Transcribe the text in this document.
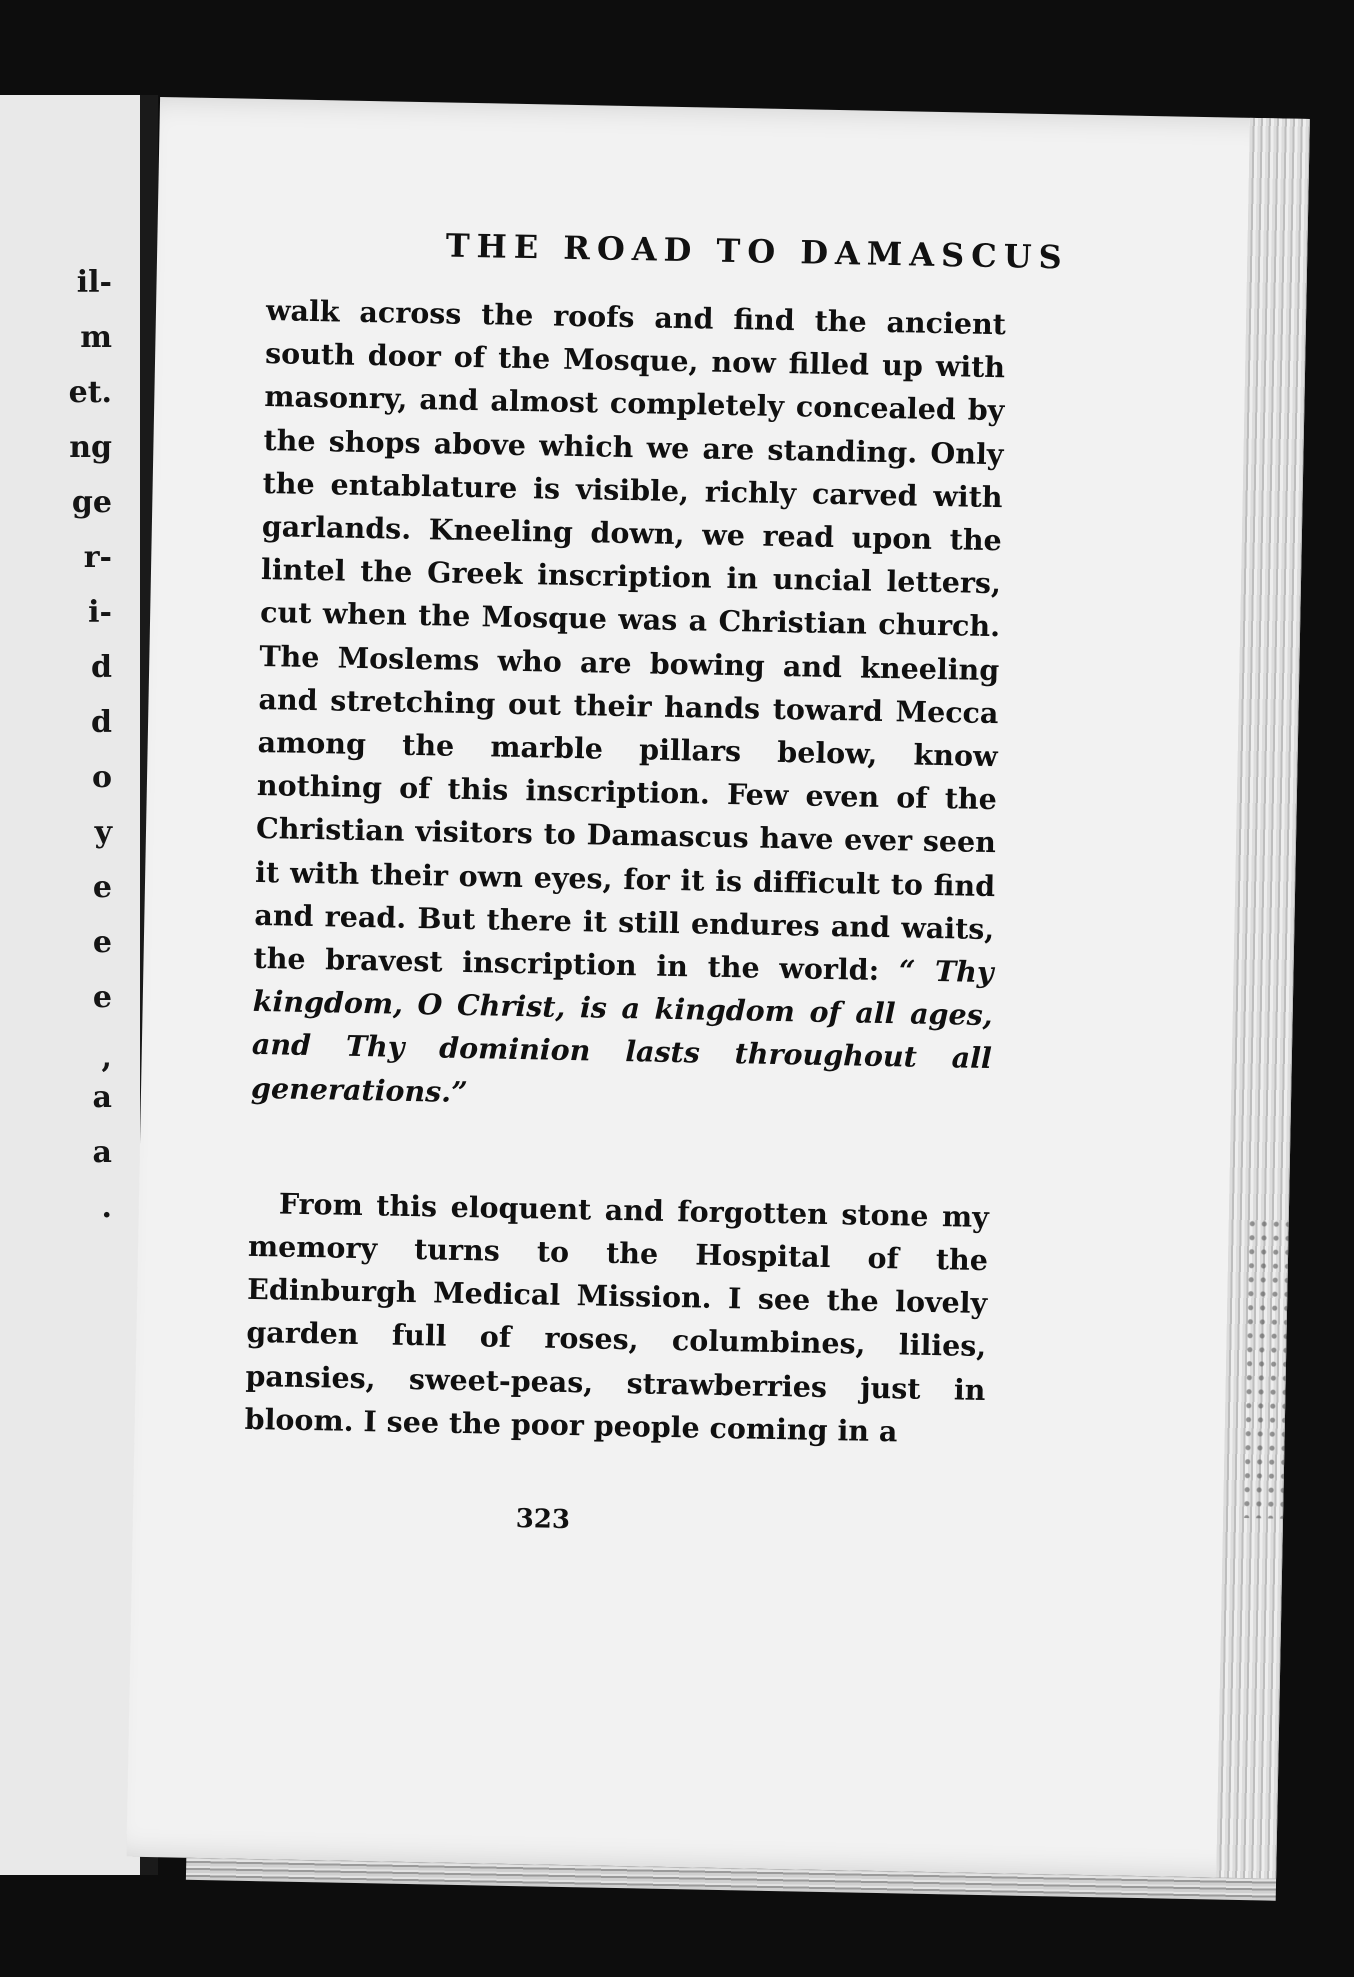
il-
m
et.
ng
ge
r-
i-
d
d
o
y
e
e
e
,
a
a
.
THE ROAD TO DAMASCUS

walk across the roofs and find the ancient south door of the Mosque, now filled up with masonry, and almost completely concealed by the shops above which we are standing. Only the entablature is visible, richly carved with garlands. Kneeling down, we read upon the lintel the Greek inscription in uncial letters, cut when the Mosque was a Christian church. The Moslems who are bowing and kneeling and stretching out their hands toward Mecca among the marble pillars below, know nothing of this inscription. Few even of the Christian visitors to Damascus have ever seen it with their own eyes, for it is difficult to find and read. But there it still endures and waits, the bravest inscription in the world: “ Thy kingdom, O Christ, is a kingdom of all ages, and Thy dominion lasts throughout all generations.”

From this eloquent and forgotten stone my memory turns to the Hospital of the Edinburgh Medical Mission. I see the lovely garden full of roses, columbines, lilies, pansies, sweet-peas, strawberries just in bloom. I see the poor people coming in a

323
